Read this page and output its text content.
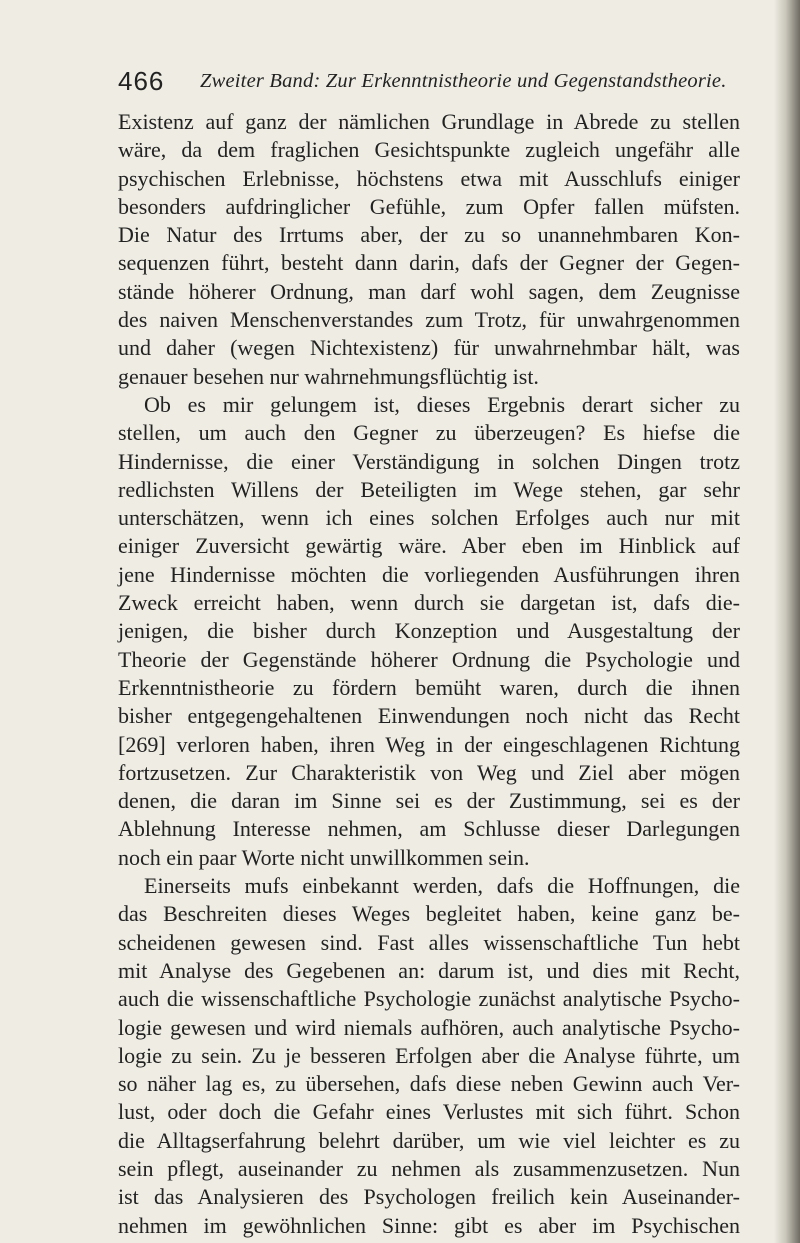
466 Zweiter Band: Zur Erkenntnistheorie und Gegenstandstheorie.
Existenz auf ganz der nämlichen Grundlage in Abrede zu stellen
wäre, da dem fraglichen Gesichtspunkte zugleich ungefähr alle
psychischen Erlebnisse, höchstens etwa mit Ausschlufs einiger
besonders aufdringlicher Gefühle, zum Opfer fallen müfsten.
Die Natur des Irrtums aber, der zu so unannehmbaren Kon-
sequenzen führt, besteht dann darin, dafs der Gegner der Gegen-
stände höherer Ordnung, man darf wohl sagen, dem Zeugnisse
des naiven Menschenverstandes zum Trotz, für unwahrgenommen
und daher (wegen Nichtexistenz) für unwahrnehmbar hält, was
genauer besehen nur wahrnehmungsflüchtig ist.
Ob es mir gelungem ist, dieses Ergebnis derart sicher zu
stellen, um auch den Gegner zu überzeugen? Es hiefse die
Hindernisse, die einer Verständigung in solchen Dingen trotz
redlichsten Willens der Beteiligten im Wege stehen, gar sehr
unterschätzen, wenn ich eines solchen Erfolges auch nur mit
einiger Zuversicht gewärtig wäre. Aber eben im Hinblick auf
jene Hindernisse möchten die vorliegenden Ausführungen ihren
Zweck erreicht haben, wenn durch sie dargetan ist, dafs die-
jenigen, die bisher durch Konzeption und Ausgestaltung der
Theorie der Gegenstände höherer Ordnung die Psychologie und
Erkenntnistheorie zu fördern bemüht waren, durch die ihnen
bisher entgegengehaltenen Einwendungen noch nicht das Recht
[269] verloren haben, ihren Weg in der eingeschlagenen Richtung
fortzusetzen. Zur Charakteristik von Weg und Ziel aber mögen
denen, die daran im Sinne sei es der Zustimmung, sei es der
Ablehnung Interesse nehmen, am Schlusse dieser Darlegungen
noch ein paar Worte nicht unwillkommen sein.
Einerseits mufs einbekannt werden, dafs die Hoffnungen, die
das Beschreiten dieses Weges begleitet haben, keine ganz be-
scheidenen gewesen sind. Fast alles wissenschaftliche Tun hebt
mit Analyse des Gegebenen an: darum ist, und dies mit Recht,
auch die wissenschaftliche Psychologie zunächst analytische Psycho-
logie gewesen und wird niemals aufhören, auch analytische Psycho-
logie zu sein. Zu je besseren Erfolgen aber die Analyse führte, um
so näher lag es, zu übersehen, dafs diese neben Gewinn auch Ver-
lust, oder doch die Gefahr eines Verlustes mit sich führt. Schon
die Alltagserfahrung belehrt darüber, um wie viel leichter es zu
sein pflegt, auseinander zu nehmen als zusammenzusetzen. Nun
ist das Analysieren des Psychologen freilich kein Auseinander-
nehmen im gewöhnlichen Sinne: gibt es aber im Psychischen
